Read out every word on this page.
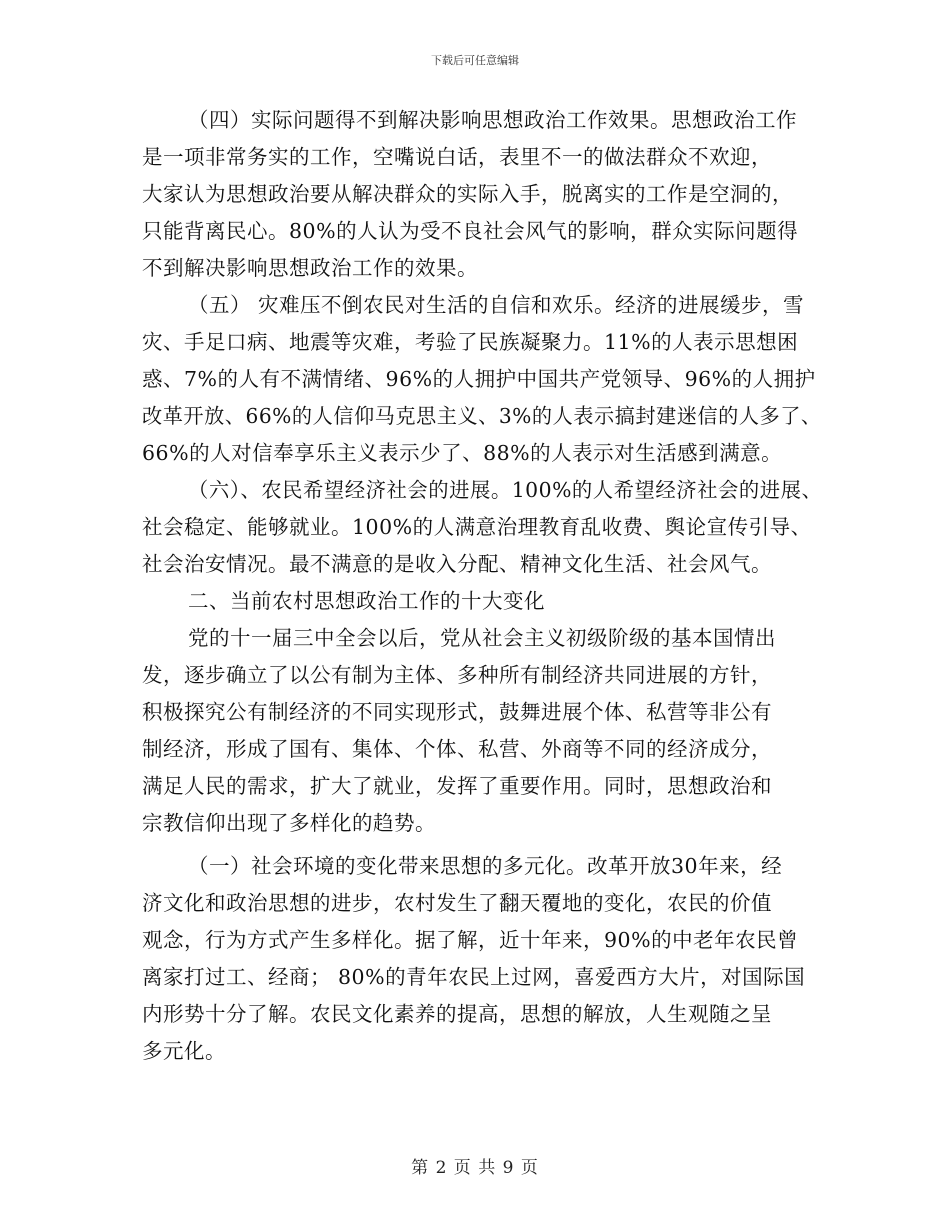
下载后可任意编辑
（四）实际问题得不到解决影响思想政治工作效果。思想政治工作
是一项非常务实的工作，空嘴说白话，表里不一的做法群众不欢迎，
大家认为思想政治要从解决群众的实际入手，脱离实的工作是空洞的，
只能背离民心。80%的人认为受不良社会风气的影响，群众实际问题得
不到解决影响思想政治工作的效果。
（五） 灾难压不倒农民对生活的自信和欢乐。经济的进展缓步，雪
灾、手足口病、地震等灾难，考验了民族凝聚力。11%的人表示思想困
惑、7%的人有不满情绪、96%的人拥护中国共产党领导、96%的人拥护
改革开放、66%的人信仰马克思主义、3%的人表示搞封建迷信的人多了、
66%的人对信奉享乐主义表示少了、88%的人表示对生活感到满意。
（六）、农民希望经济社会的进展。100%的人希望经济社会的进展、
社会稳定、能够就业。100%的人满意治理教育乱收费、舆论宣传引导、
社会治安情况。最不满意的是收入分配、精神文化生活、社会风气。
二、当前农村思想政治工作的十大变化
党的十一届三中全会以后，党从社会主义初级阶级的基本国情出
发，逐步确立了以公有制为主体、多种所有制经济共同进展的方针，
积极探究公有制经济的不同实现形式，鼓舞进展个体、私营等非公有
制经济，形成了国有、集体、个体、私营、外商等不同的经济成分，
满足人民的需求，扩大了就业，发挥了重要作用。同时，思想政治和
宗教信仰出现了多样化的趋势。
（一）社会环境的变化带来思想的多元化。改革开放30年来，经
济文化和政治思想的进步，农村发生了翻天覆地的变化，农民的价值
观念，行为方式产生多样化。据了解，近十年来，90%的中老年农民曾
离家打过工、经商； 80%的青年农民上过网，喜爱西方大片，对国际国
内形势十分了解。农民文化素养的提高，思想的解放，人生观随之呈
多元化。
第 2 页 共 9 页
